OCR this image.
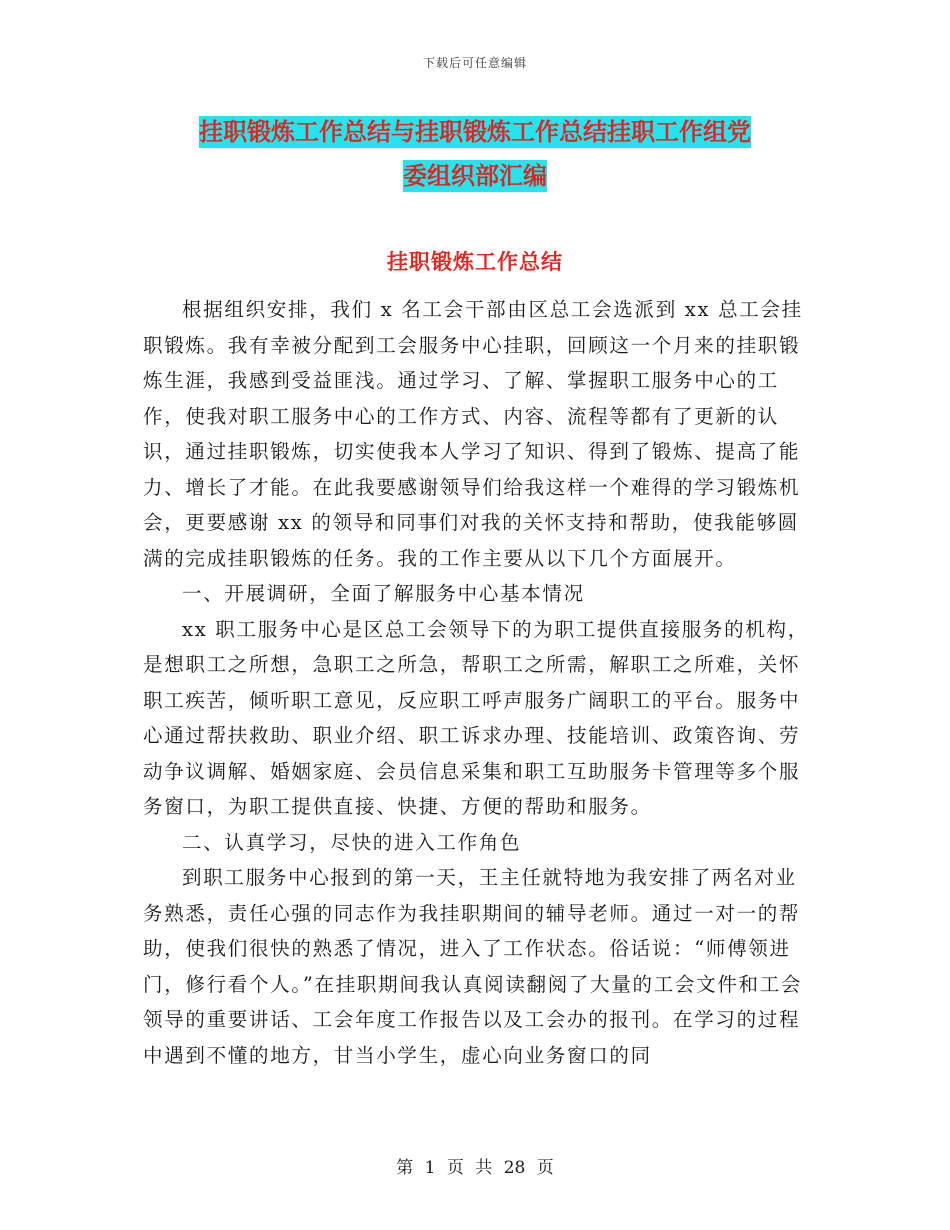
下载后可任意编辑
挂职锻炼工作总结与挂职锻炼工作总结挂职工作组党
委组织部汇编
挂职锻炼工作总结

根据组织安排，我们 x 名工会干部由区总工会选派到 xx 总工会挂职锻炼。我有幸被分配到工会服务中心挂职，回顾这一个月来的挂职锻炼生涯，我感到受益匪浅。通过学习、了解、掌握职工服务中心的工作，使我对职工服务中心的工作方式、内容、流程等都有了更新的认识，通过挂职锻炼，切实使我本人学习了知识、得到了锻炼、提高了能力、增长了才能。在此我要感谢领导们给我这样一个难得的学习锻炼机会，更要感谢 xx 的领导和同事们对我的关怀支持和帮助，使我能够圆满的完成挂职锻炼的任务。我的工作主要从以下几个方面展开。

一、开展调研，全面了解服务中心基本情况

xx 职工服务中心是区总工会领导下的为职工提供直接服务的机构，是想职工之所想，急职工之所急，帮职工之所需，解职工之所难，关怀职工疾苦，倾听职工意见，反应职工呼声服务广阔职工的平台。服务中心通过帮扶救助、职业介绍、职工诉求办理、技能培训、政策咨询、劳动争议调解、婚姻家庭、会员信息采集和职工互助服务卡管理等多个服务窗口，为职工提供直接、快捷、方便的帮助和服务。

二、认真学习，尽快的进入工作角色

到职工服务中心报到的第一天，王主任就特地为我安排了两名对业务熟悉，责任心强的同志作为我挂职期间的辅导老师。通过一对一的帮助，使我们很快的熟悉了情况，进入了工作状态。俗话说：“师傅领进门，修行看个人。”在挂职期间我认真阅读翻阅了大量的工会文件和工会领导的重要讲话、工会年度工作报告以及工会办的报刊。在学习的过程中遇到不懂的地方，甘当小学生，虚心向业务窗口的同

第 1 页 共 28 页
